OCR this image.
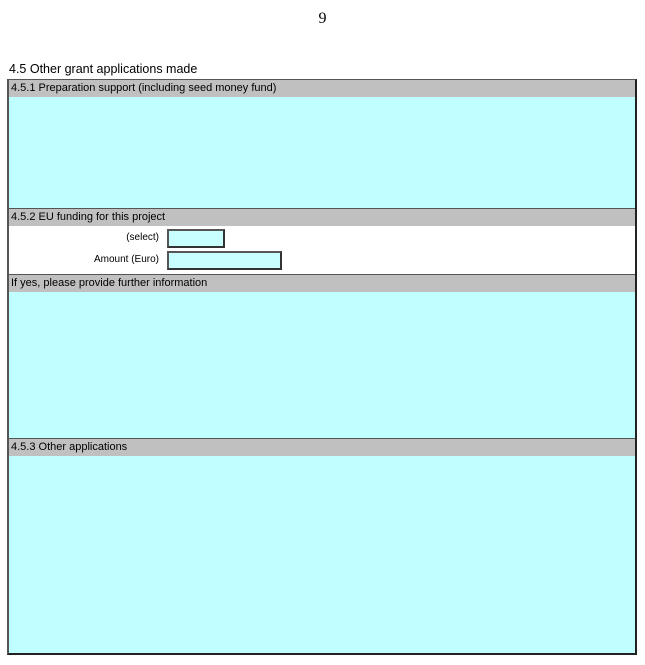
9
4.5 Other grant applications made
4.5.1 Preparation support (including seed money fund)
4.5.2 EU funding for this project
(select)
Amount (Euro)
If yes, please provide further information
4.5.3 Other applications
